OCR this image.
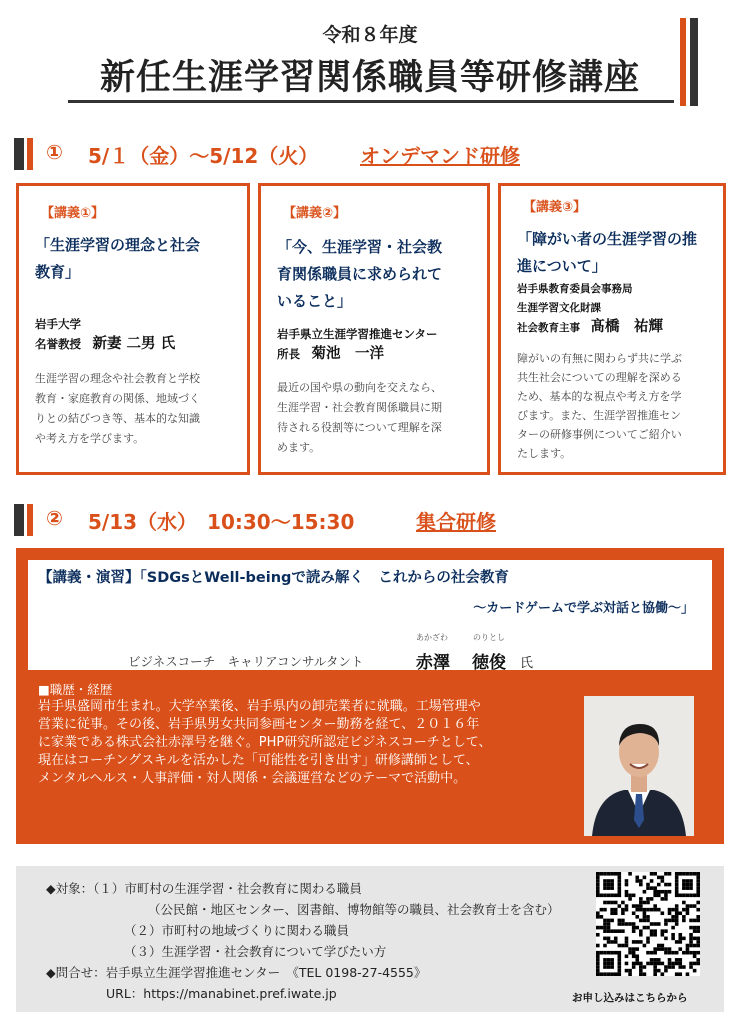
令和８年度
新任生涯学習関係職員等研修講座
① 5/１（金）～5/12（火） オンデマンド研修
【講義①】
「生涯学習の理念と社会
教育」
岩手大学
名誉教授　 新妻 二男 氏
生涯学習の理念や社会教育と学校
教育・家庭教育の関係、地域づく
りとの結びつき等、基本的な知識
や考え方を学びます。
【講義②】
「今、生涯学習・社会教
育関係職員に求められて
いること」
岩手県立生涯学習推進センター
所長　 菊池　一洋
最近の国や県の動向を交えなら、
生涯学習・社会教育関係職員に期
待される役割等について理解を深
めます。
【講義③】
「障がい者の生涯学習の推
進について」
岩手県教育委員会事務局
生涯学習文化財課
社会教育主事　 髙橋　祐輝
障がいの有無に関わらず共に学ぶ
共生社会についての理解を深める
ため、基本的な視点や考え方を学
びます。また、生涯学習推進セン
ターの研修事例についてご紹介い
たします。
② 5/13（水）　10:30～15:30	集合研修
【講義・演習】「SDGsとWell-beingで読み解く　これからの社会教育
～カードゲームで学ぶ対話と協働～」
ビジネスコーチ　キャリアコンサルタント
あかざわ	のりとし
赤澤 徳俊 氏
■職歴・経歴
岩手県盛岡市生まれ。大学卒業後、岩手県内の卸売業者に就職。工場管理や
営業に従事。その後、岩手県男女共同参画センター勤務を経て、２０１６年
に家業である株式会社赤澤号を継ぐ。PHP研究所認定ビジネスコーチとして、
現在はコーチングスキルを活かした「可能性を引き出す」研修講師として、
メンタルヘルス・人事評価・対人関係・会議運営などのテーマで活動中。
◆対象：（１）市町村の生涯学習・社会教育に関わる職員
（公民館・地区センター、図書館、博物館等の職員、社会教育士を含む）
（２）市町村の地域づくりに関わる職員
（３）生涯学習・社会教育について学びたい方
◆問合せ：岩手県立生涯学習推進センター　《TEL 0198-27-4555》
URL：https://manabinet.pref.iwate.jp	お申し込みはこちらから
